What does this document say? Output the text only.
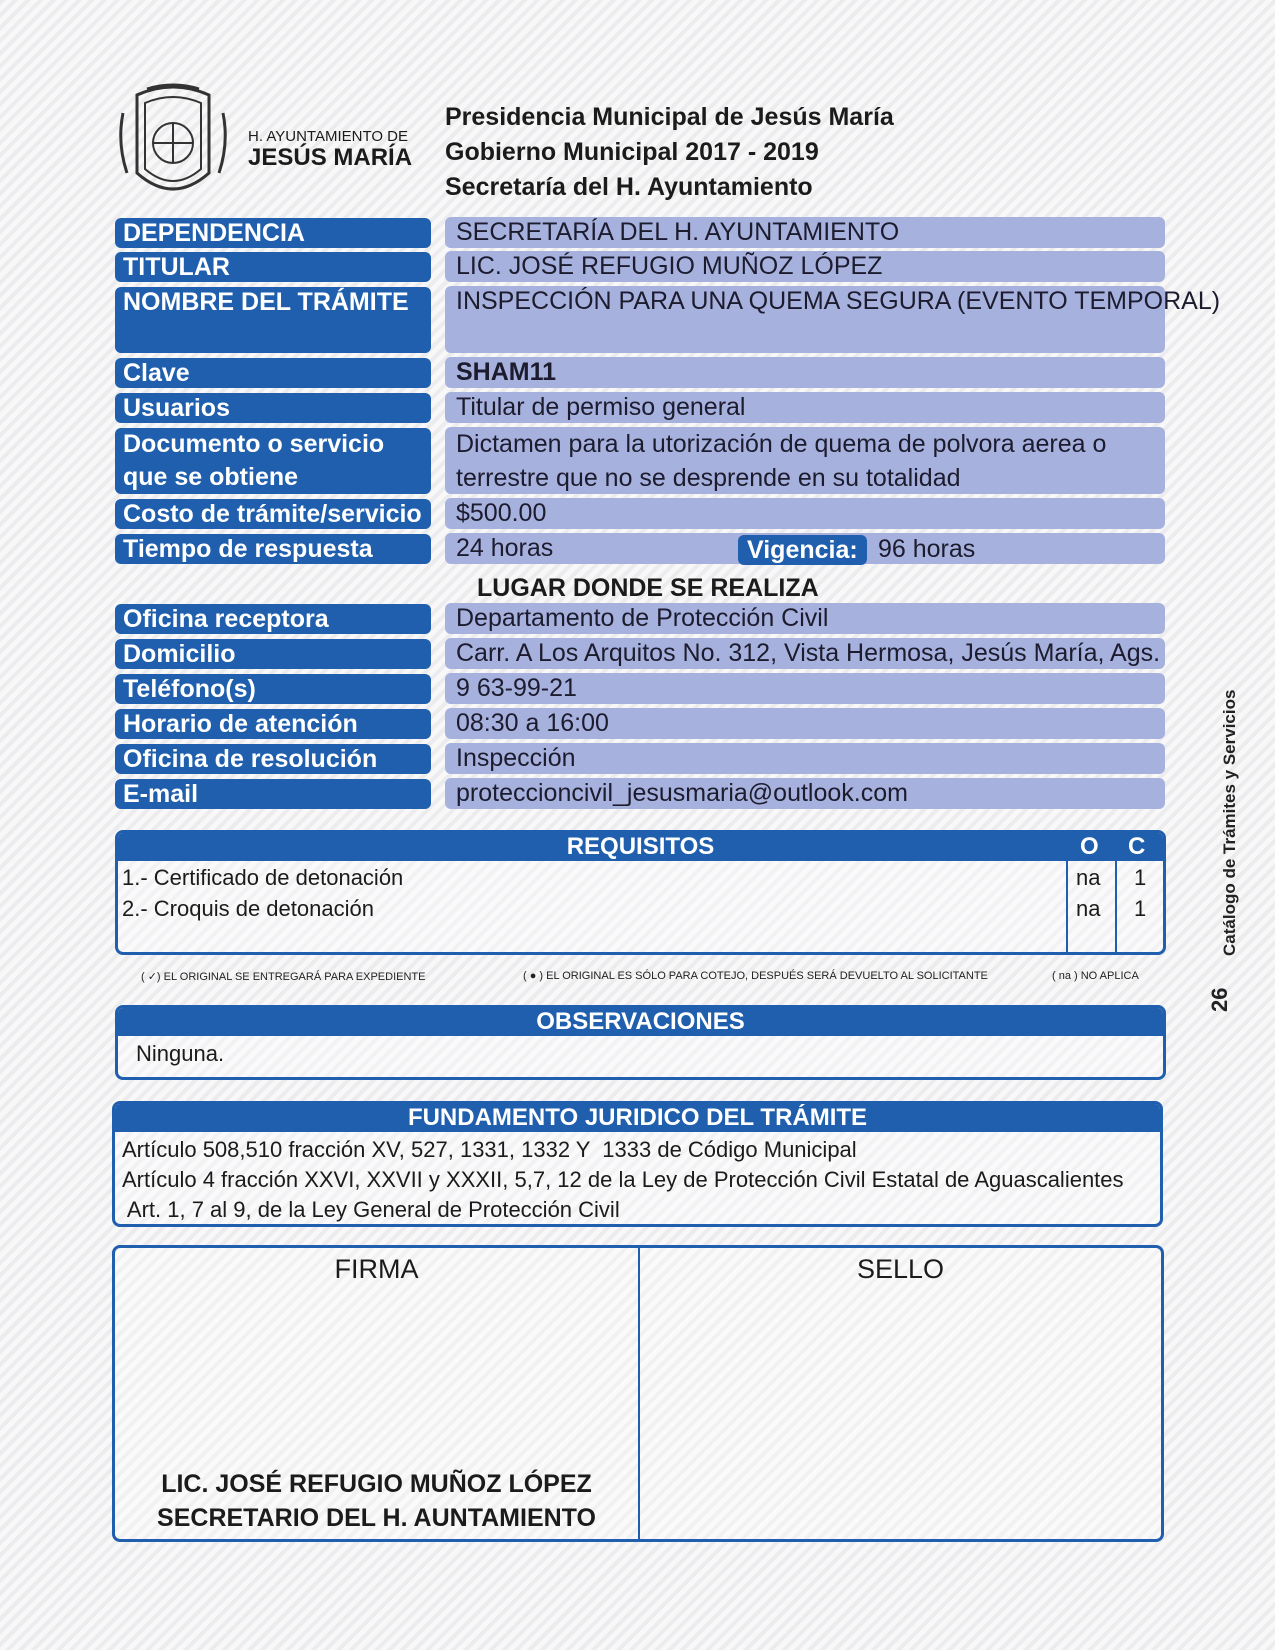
H. AYUNTAMIENTO DE
JESÚS MARÍA
Presidencia Municipal de Jesús María
Gobierno Municipal 2017 - 2019
Secretaría del H. Ayuntamiento
DEPENDENCIA	SECRETARÍA DEL H. AYUNTAMIENTO
TITULAR	LIC. JOSÉ REFUGIO MUÑOZ LÓPEZ
NOMBRE DEL TRÁMITE	INSPECCIÓN PARA UNA QUEMA SEGURA (EVENTO TEMPORAL)
Clave	SHAM11
Usuarios	Titular de permiso general
Documento o servicio
que se obtiene
Dictamen para la utorización de quema de polvora aerea o
terrestre que no se desprende en su totalidad
Costo de trámite/servicio	$500.00
Tiempo de respuesta	24 horas	Vigencia: 96 horas
LUGAR DONDE SE REALIZA
Oficina receptora	Departamento de Protección Civil
Domicilio	Carr. A Los Arquitos No. 312, Vista Hermosa, Jesús María, Ags.
Teléfono(s)	9 63-99-21
Horario de atención	08:30 a 16:00
Oficina de resolución	Inspección
E-mail	proteccioncivil_jesusmaria@outlook.com
REQUISITOS	O C
1.- Certificado de detonación	na 1
2.- Croquis de detonación	na 1
( ✓) EL ORIGINAL SE ENTREGARÁ PARA EXPEDIENTE	( ● ) EL ORIGINAL ES SÓLO PARA COTEJO, DESPUÉS SERÁ DEVUELTO AL SOLICITANTE	( na ) NO APLICA
OBSERVACIONES
Ninguna.
FUNDAMENTO JURIDICO DEL TRÁMITE
Artículo 508,510 fracción XV, 527, 1331, 1332 Y  1333 de Código Municipal
Artículo 4 fracción XXVI, XXVII y XXXII, 5,7, 12 de la Ley de Protección Civil Estatal de Aguascalientes
Art. 1, 7 al 9, de la Ley General de Protección Civil
FIRMA	SELLO
LIC. JOSÉ REFUGIO MUÑOZ LÓPEZ
SECRETARIO DEL H. AUNTAMIENTO
Catálogo de Trámites y Servicios
26
